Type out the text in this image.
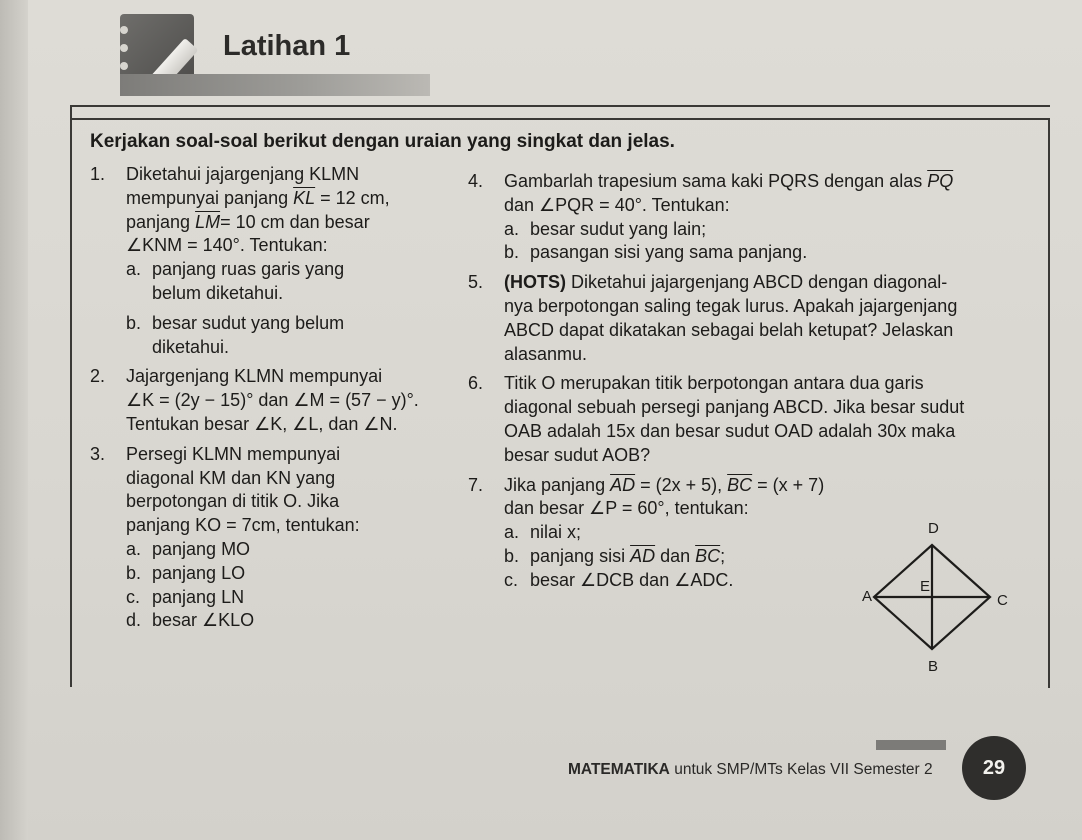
Latihan 1
Kerjakan soal-soal berikut dengan uraian yang singkat dan jelas.
1. Diketahui jajargenjang KLMN
mempunyai panjang $\overline{KL} = 12$ cm,
panjang $\overline{LM}= 10$ cm dan besar
∠KNM = 140°. Tentukan:
a. panjang ruas garis yang
belum diketahui.
b. besar sudut yang belum
diketahui.
2. Jajargenjang KLMN mempunyai
∠K = (2y − 15)° dan ∠M = (57 − y)°.
Tentukan besar ∠K, ∠L, dan ∠N.
3. Persegi KLMN mempunyai
diagonal KM dan KN yang
berpotongan di titik O. Jika
panjang KO = 7cm, tentukan:
a. panjang MO
b. panjang LO
c. panjang LN
d. besar ∠KLO
4. Gambarlah trapesium sama kaki PQRS dengan alas $\overline{PQ}$
dan ∠PQR = 40°. Tentukan:
a. besar sudut yang lain;
b. pasangan sisi yang sama panjang.
5. (HOTS) Diketahui jajargenjang ABCD dengan diagonal-
nya berpotongan saling tegak lurus. Apakah jajargenjang
ABCD dapat dikatakan sebagai belah ketupat? Jelaskan
alasanmu.
6. Titik O merupakan titik berpotongan antara dua garis
diagonal sebuah persegi panjang ABCD. Jika besar sudut
OAB adalah 15x dan besar sudut OAD adalah 30x maka
besar sudut AOB?
7. Jika panjang $\overline{AD} = (2x + 5)$, $\overline{BC} = (x + 7)$
dan besar ∠P = 60°, tentukan:
a. nilai x;
b. panjang sisi $\overline{AD}$ dan $\overline{BC}$;
c. besar ∠DCB dan ∠ADC.
D
A	C
B
E
MATEMATIKA untuk SMP/MTs Kelas VII Semester 2	29
